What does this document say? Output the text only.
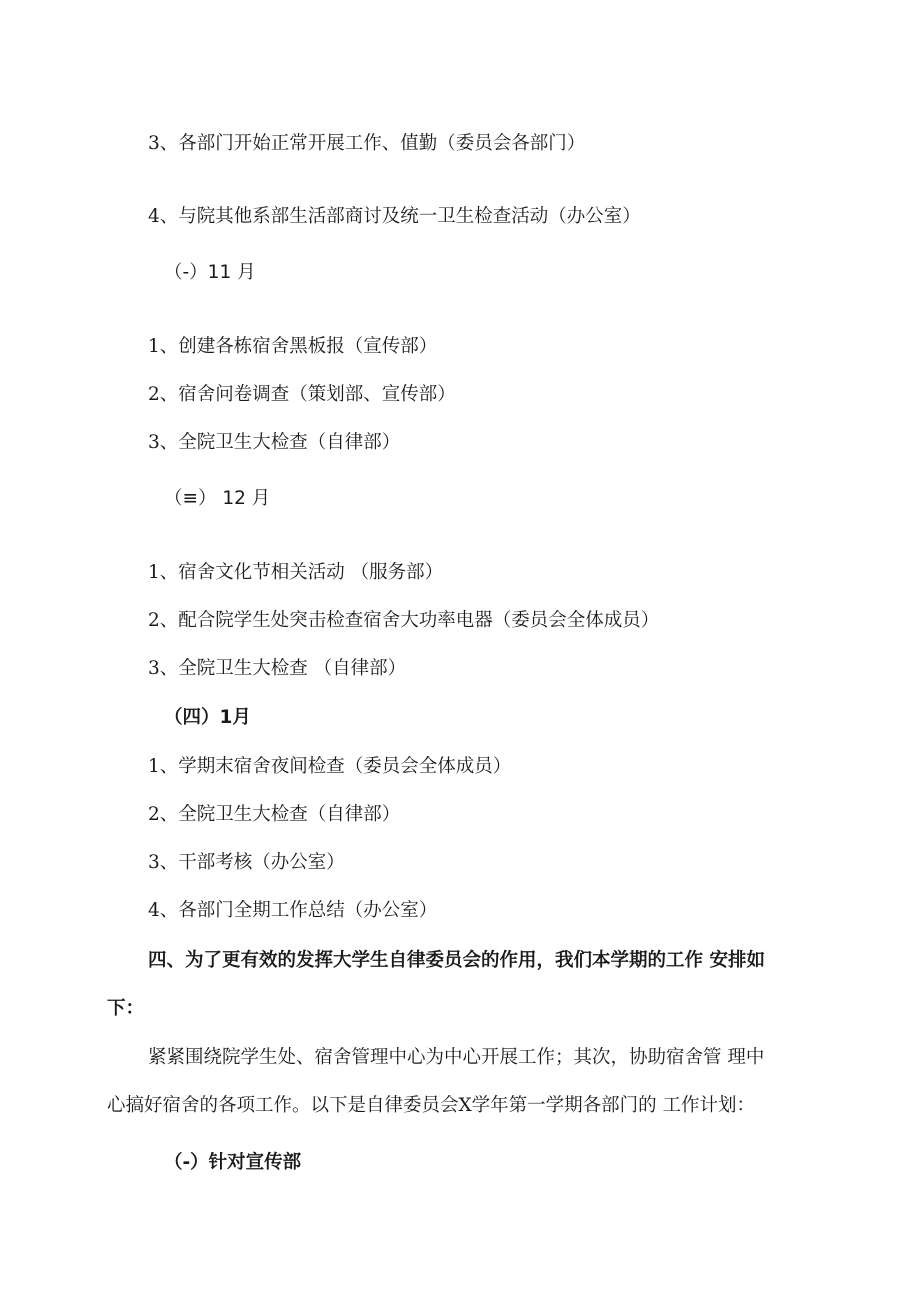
3、各部门开始正常开展工作、值勤（委员会各部门）
4、与院其他系部生活部商讨及统一卫生检查活动（办公室）
（-）11 月
1、创建各栋宿舍黑板报（宣传部）
2、宿舍问卷调查（策划部、宣传部）
3、全院卫生大检查（自律部）
（≡） 12 月
1、宿舍文化节相关活动 （服务部）
2、配合院学生处突击检查宿舍大功率电器（委员会全体成员）
3、全院卫生大检查 （自律部）
（四）1月
1、学期末宿舍夜间检查（委员会全体成员）
2、全院卫生大检查（自律部）
3、干部考核（办公室）
4、各部门全期工作总结（办公室）
四、为了更有效的发挥大学生自律委员会的作用，我们本学期的工作 安排如
下：
紧紧围绕院学生处、宿舍管理中心为中心开展工作；其次，协助宿舍管 理中
心搞好宿舍的各项工作。以下是自律委员会X学年第一学期各部门的 工作计划：
（-）针对宣传部
